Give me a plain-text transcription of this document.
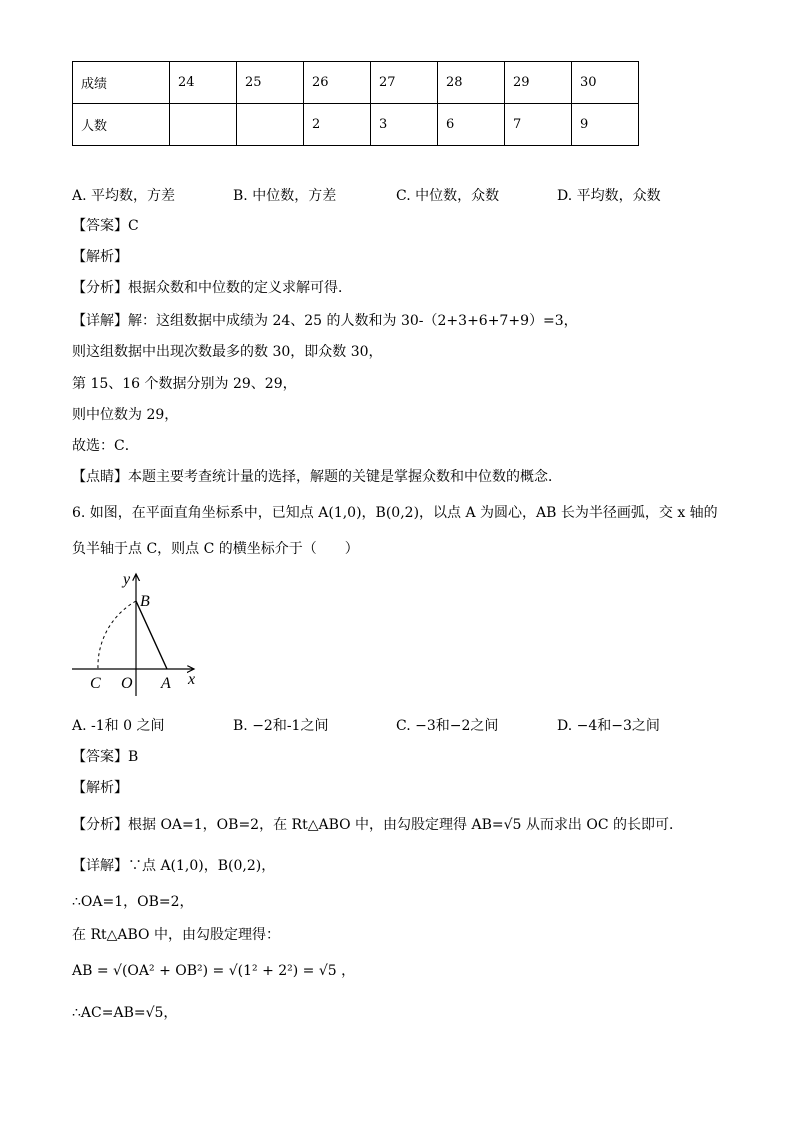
成绩	24	25	26	27	28	29	30
人数			2	3	6	7	9
A. 平均数，方差	B. 中位数，方差	C. 中位数，众数	D. 平均数，众数
【答案】C
【解析】
【分析】根据众数和中位数的定义求解可得．
【详解】解：这组数据中成绩为 24、25 的人数和为 30-（2+3+6+7+9）=3，
则这组数据中出现次数最多的数 30，即众数 30，
第 15、16 个数据分别为 29、29，
则中位数为 29，
故选：C．
【点睛】本题主要考查统计量的选择，解题的关键是掌握众数和中位数的概念．
6. 如图，在平面直角坐标系中，已知点 A(1,0)，B(0,2)，以点 A 为圆心，AB 长为半径画弧，交 x 轴的
负半轴于点 C，则点 C 的横坐标介于（　　）
y
B
C O A x
A. -1和 0 之间	B. −2和-1之间	C. −3和−2之间	D. −4和−3之间
【答案】B
【解析】
【分析】根据 OA=1，OB=2，在 Rt△ABO 中，由勾股定理得 AB=√5 从而求出 OC 的长即可．
【详解】∵点 A(1,0)，B(0,2)，
∴OA=1，OB=2，
在 Rt△ABO 中，由勾股定理得：
AB = √(OA² + OB²) = √(1² + 2²) = √5 ，
∴AC=AB=√5，
